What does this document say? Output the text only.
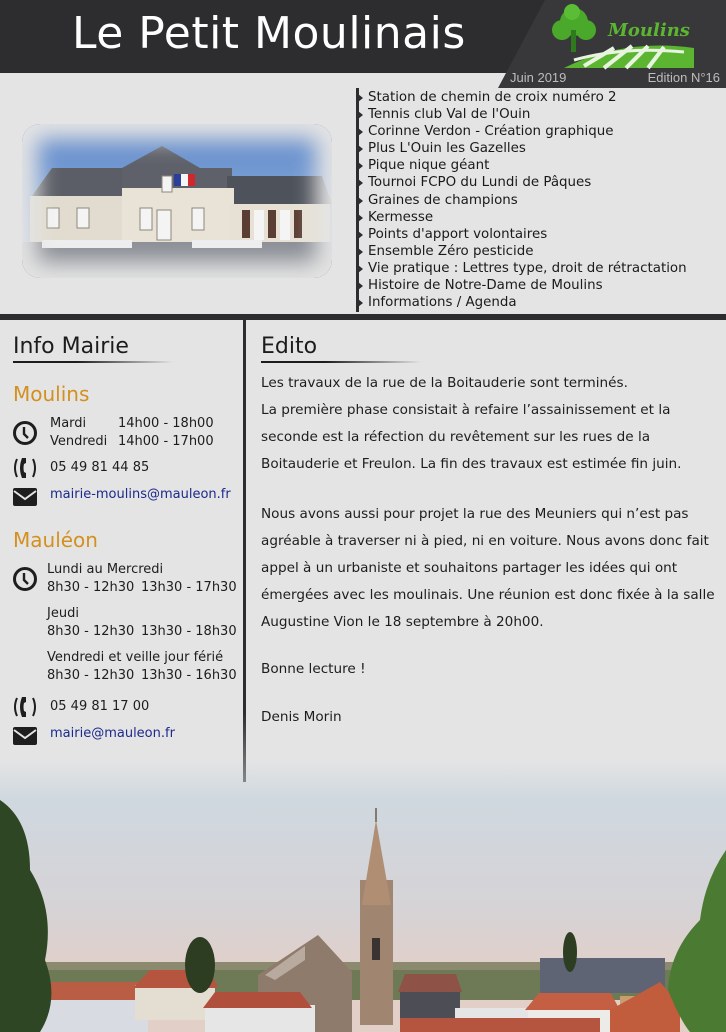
Le Petit Moulinais	Moulins
Juin 2019	Edition N°16
Station de chemin de croix numéro 2
Tennis club Val de l'Ouin
Corinne Verdon - Création graphique
Plus L'Ouin les Gazelles
Pique nique géant
Tournoi FCPO du Lundi de Pâques
Graines de champions
Kermesse
Points d'apport volontaires
Ensemble Zéro pesticide
Vie pratique : Lettres type, droit de rétractation
Histoire de Notre-Dame de Moulins
Informations / Agenda
Info Mairie
Moulins
Mardi 14h00 - 18h00
Vendredi 14h00 - 17h00
05 49 81 44 85
mairie-moulins@mauleon.fr
Mauléon
Lundi au Mercredi
8h30 - 12h30 13h30 - 17h30
Jeudi
8h30 - 12h30 13h30 - 18h30
Vendredi et veille jour férié
8h30 - 12h30 13h30 - 16h30
05 49 81 17 00
mairie@mauleon.fr
Edito
Les travaux de la rue de la Boitauderie sont terminés.
La première phase consistait à refaire l’assainissement et la seconde est la réfection du revêtement sur les rues de la Boitauderie et Freulon. La fin des travaux est estimée fin juin.
Nous avons aussi pour projet la rue des Meuniers qui n’est pas agréable à traverser ni à pied, ni en voiture. Nous avons donc fait appel à un urbaniste et souhaitons partager les idées qui ont émergées avec les moulinais. Une réunion est donc fixée à la salle Augustine Vion le 18 septembre à 20h00.
Bonne lecture !
Denis Morin
